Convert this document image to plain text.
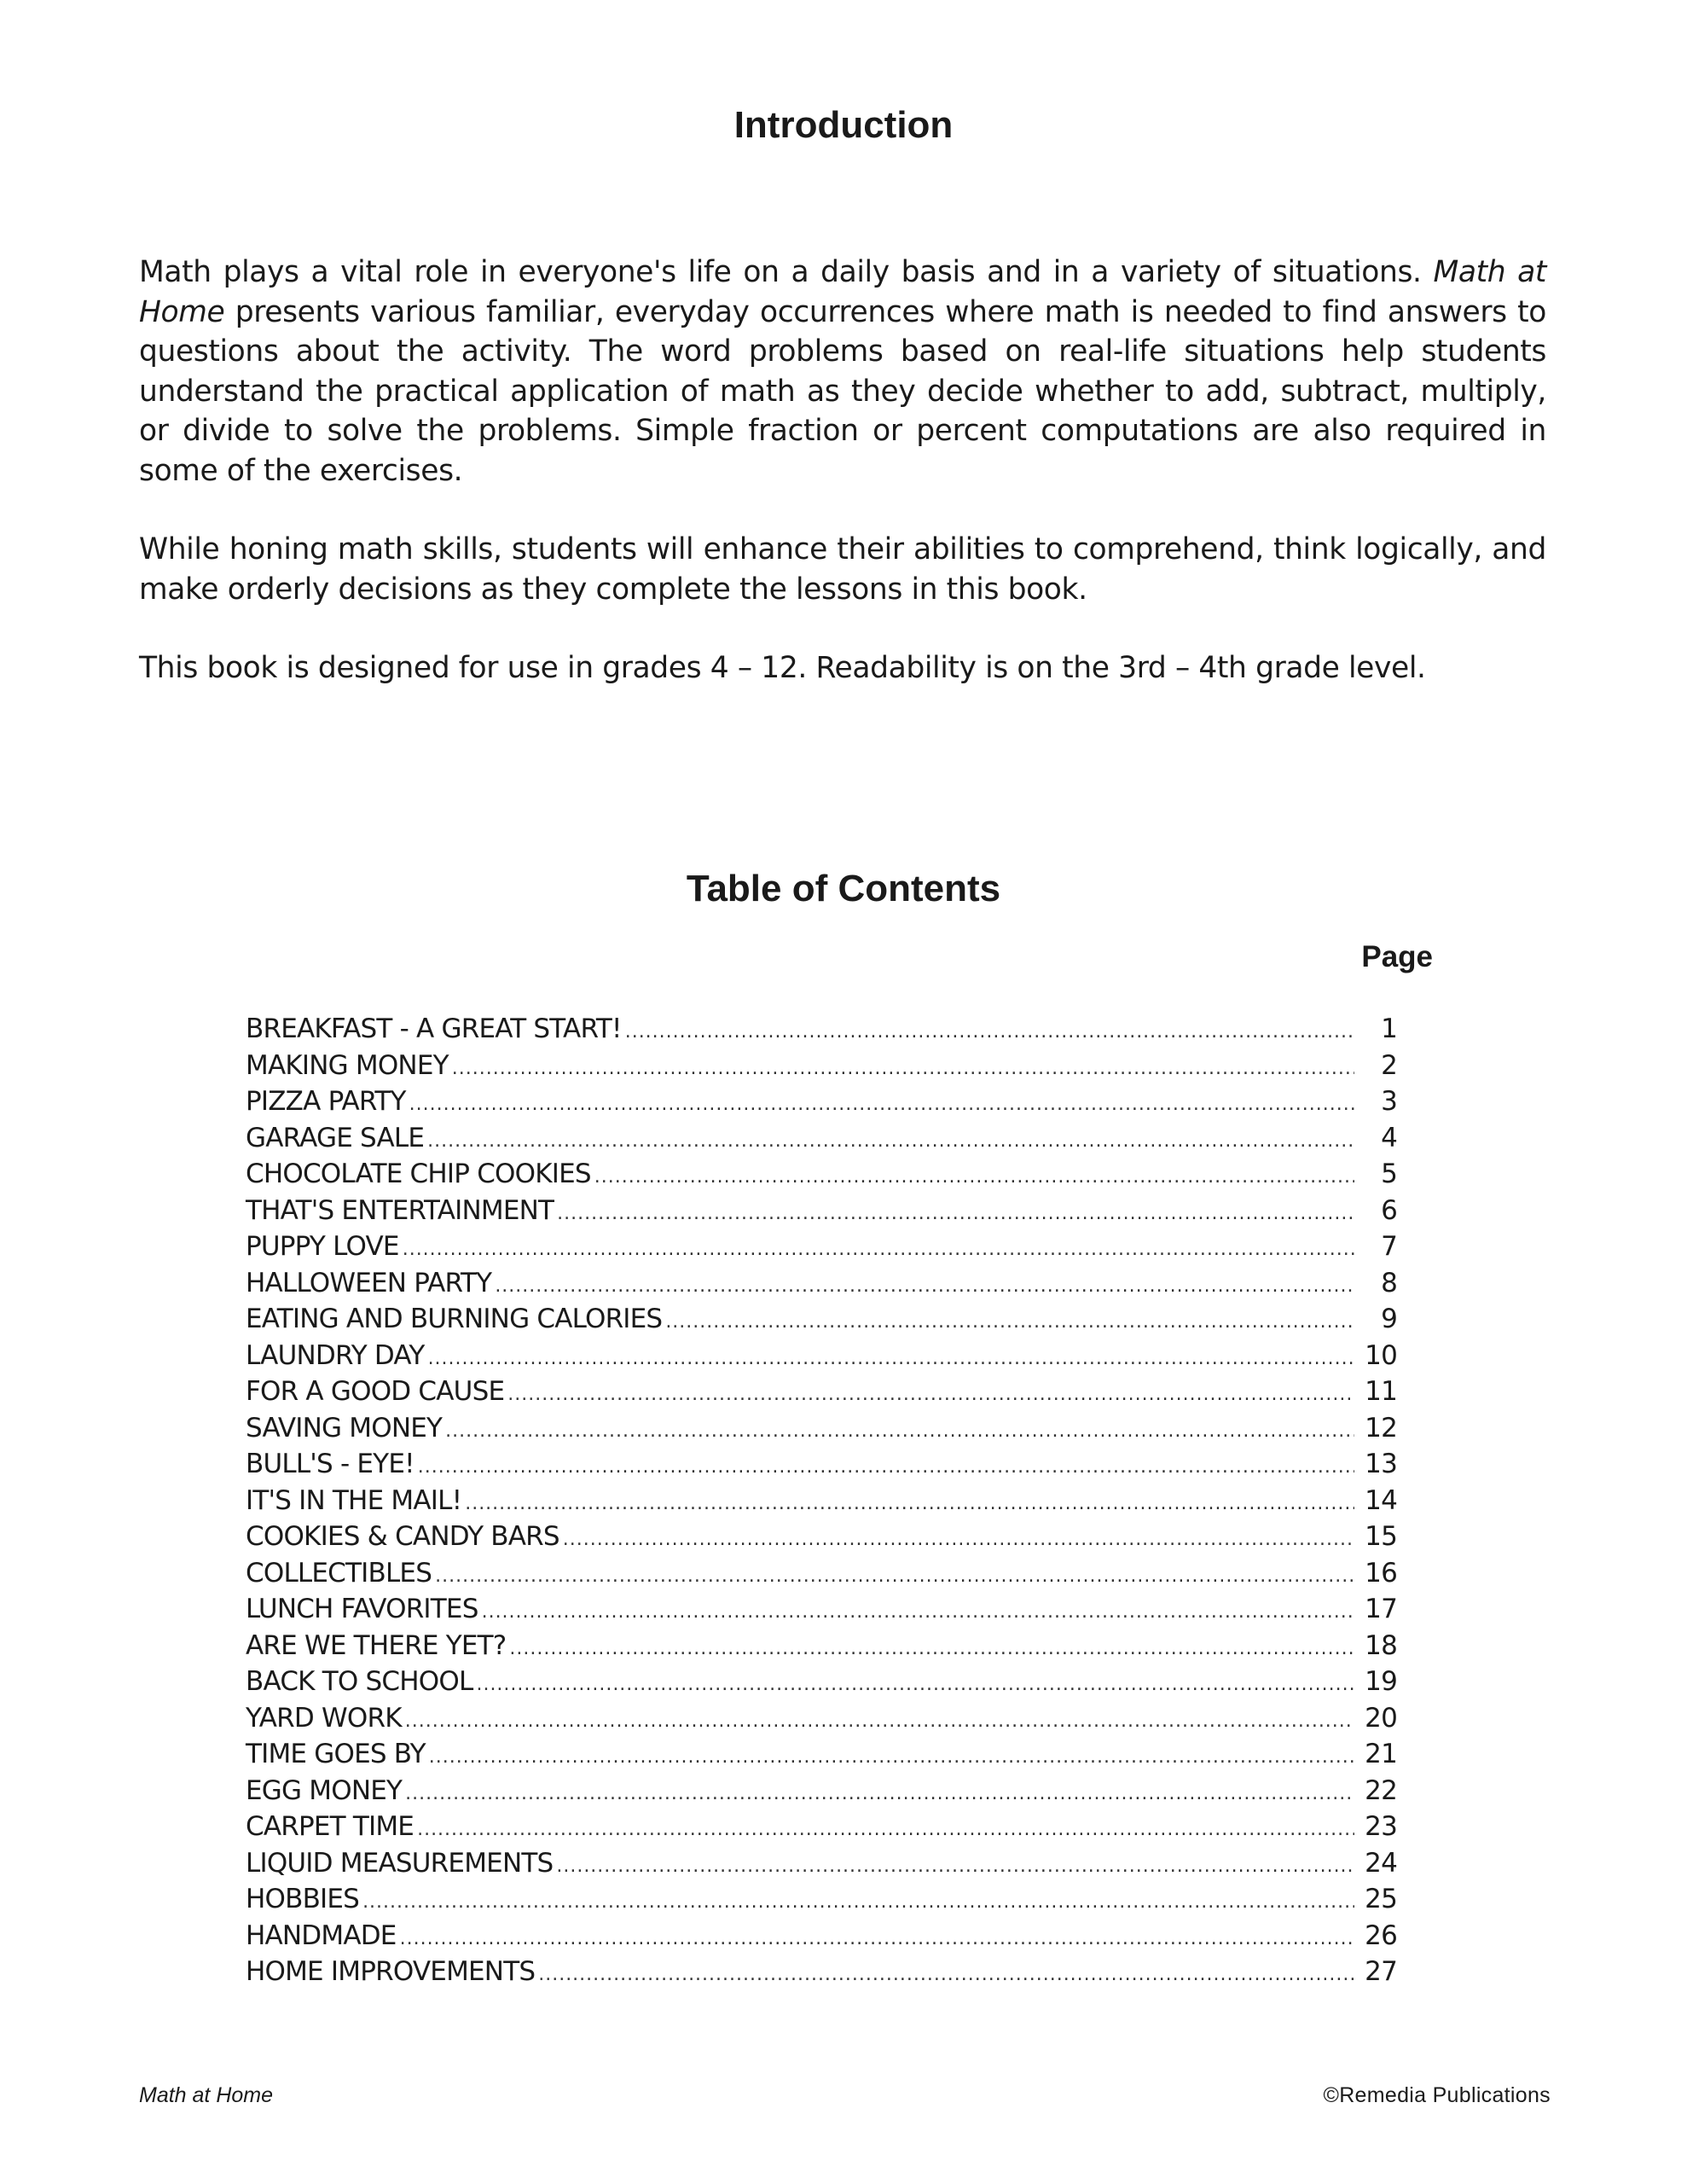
Introduction

Math plays a vital role in everyone's life on a daily basis and in a variety of situations. Math at Home presents various familiar, everyday occurrences where math is needed to find answers to questions about the activity. The word problems based on real-life situations help students understand the practical application of math as they decide whether to add, subtract, multiply, or divide to solve the problems. Simple fraction or percent computations are also required in some of the exercises.

While honing math skills, students will enhance their abilities to comprehend, think logically, and make orderly decisions as they complete the lessons in this book.

This book is designed for use in grades 4 – 12. Readability is on the 3rd – 4th grade level.

Table of Contents
Page
BREAKFAST - A GREAT START! .....	1
MAKING MONEY .....	2
PIZZA PARTY .....	3
GARAGE SALE .....	4
CHOCOLATE CHIP COOKIES .....	5
THAT'S ENTERTAINMENT .....	6
PUPPY LOVE .....	7
HALLOWEEN PARTY .....	8
EATING AND BURNING CALORIES .....	9
LAUNDRY DAY .....	10
FOR A GOOD CAUSE .....	11
SAVING MONEY .....	12
BULL'S - EYE! .....	13
IT'S IN THE MAIL! .....	14
COOKIES & CANDY BARS .....	15
COLLECTIBLES .....	16
LUNCH FAVORITES .....	17
ARE WE THERE YET? .....	18
BACK TO SCHOOL .....	19
YARD WORK .....	20
TIME GOES BY .....	21
EGG MONEY .....	22
CARPET TIME .....	23
LIQUID MEASUREMENTS .....	24
HOBBIES .....	25
HANDMADE .....	26
HOME IMPROVEMENTS .....	27
Math at Home	©Remedia Publications
